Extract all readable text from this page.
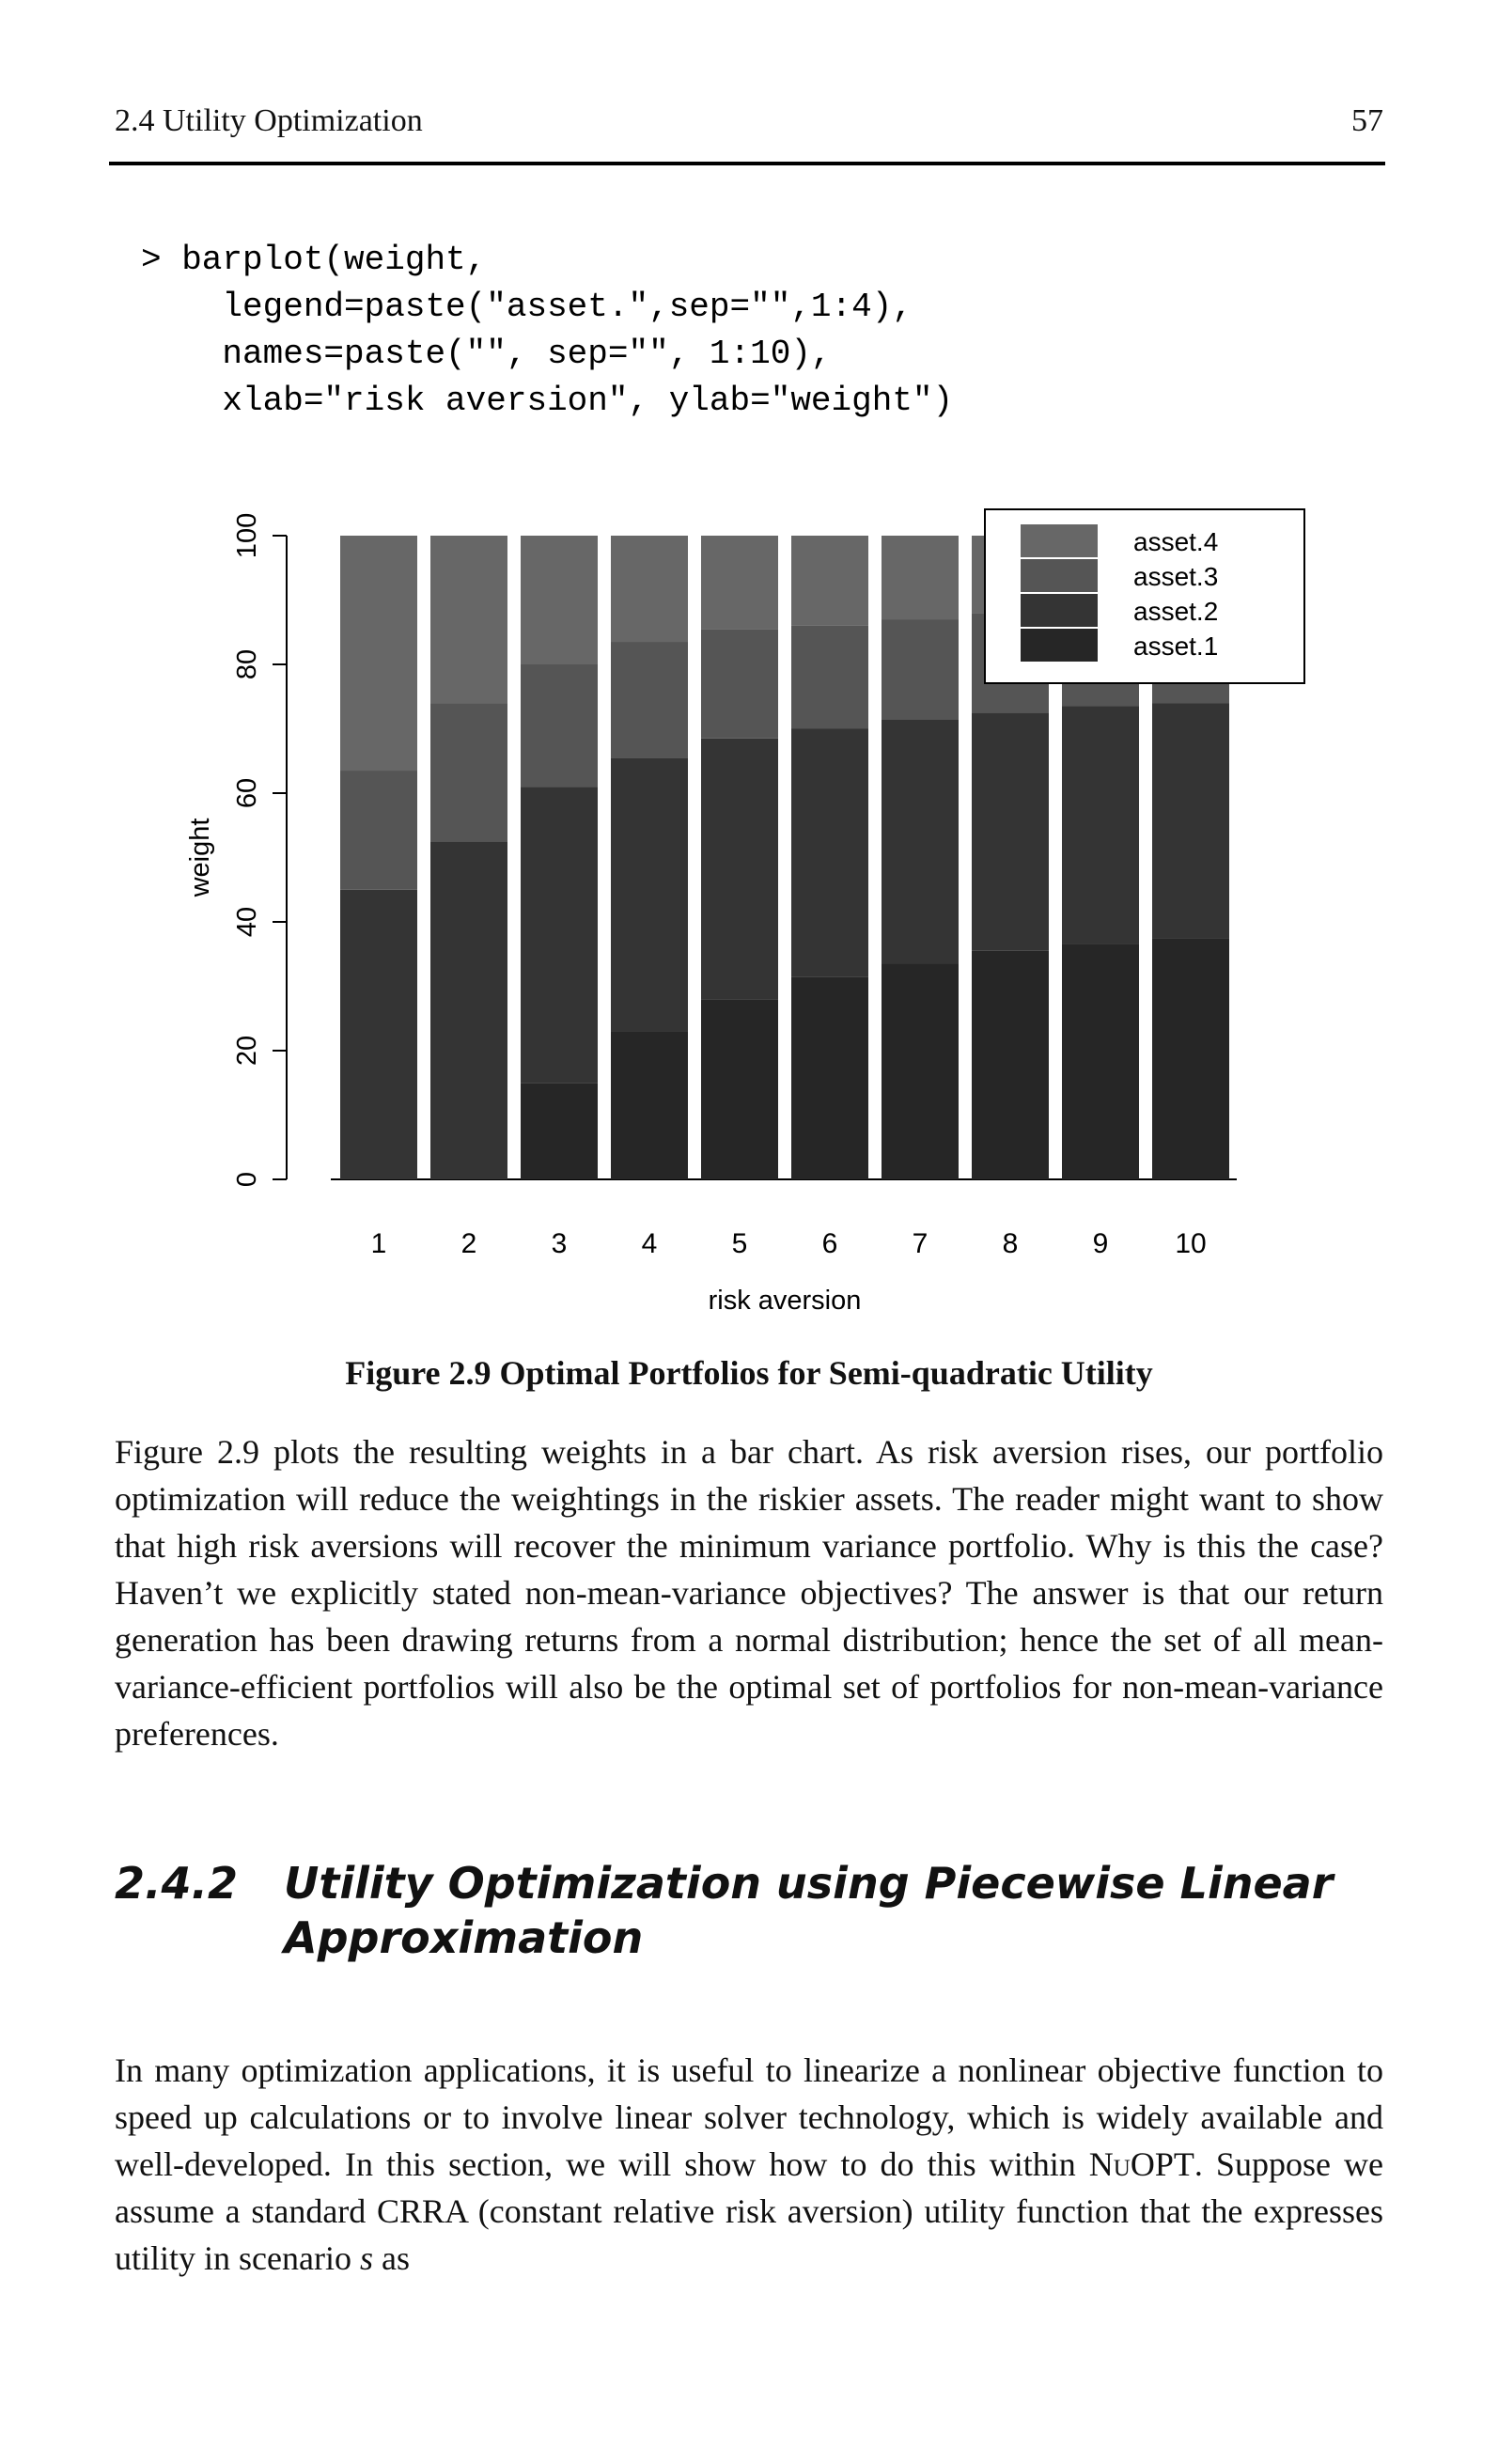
2.4 Utility Optimization	57
> barplot(weight,
legend=paste("asset.",sep="",1:4),
names=paste("", sep="", 1:10),
xlab="risk aversion", ylab="weight")
0
20
40
60
80
100
weight
1	2	3	4	5	6	7	8	9 10
risk aversion
asset.4
asset.3
asset.2
asset.1
Figure 2.9 Optimal Portfolios for Semi-quadratic Utility

Figure 2.9 plots the resulting weights in a bar chart. As risk aversion rises, our portfolio optimization will reduce the weightings in the riskier assets. The reader might want to show that high risk aversions will recover the minimum variance portfolio. Why is this the case? Haven’t we explicitly stated non-mean-variance objectives? The answer is that our return generation has been drawing returns from a normal distribution; hence the set of all mean-variance-efficient portfolios will also be the optimal set of portfolios for non-mean-variance preferences.

2.4.2 Utility Optimization using Piecewise Linear Approximation

In many optimization applications, it is useful to linearize a nonlinear objective function to speed up calculations or to involve linear solver technology, which is widely available and well-developed. In this section, we will show how to do this within NuOPT. Suppose we assume a standard CRRA (constant relative risk aversion) utility function that the expresses utility in scenario s as
